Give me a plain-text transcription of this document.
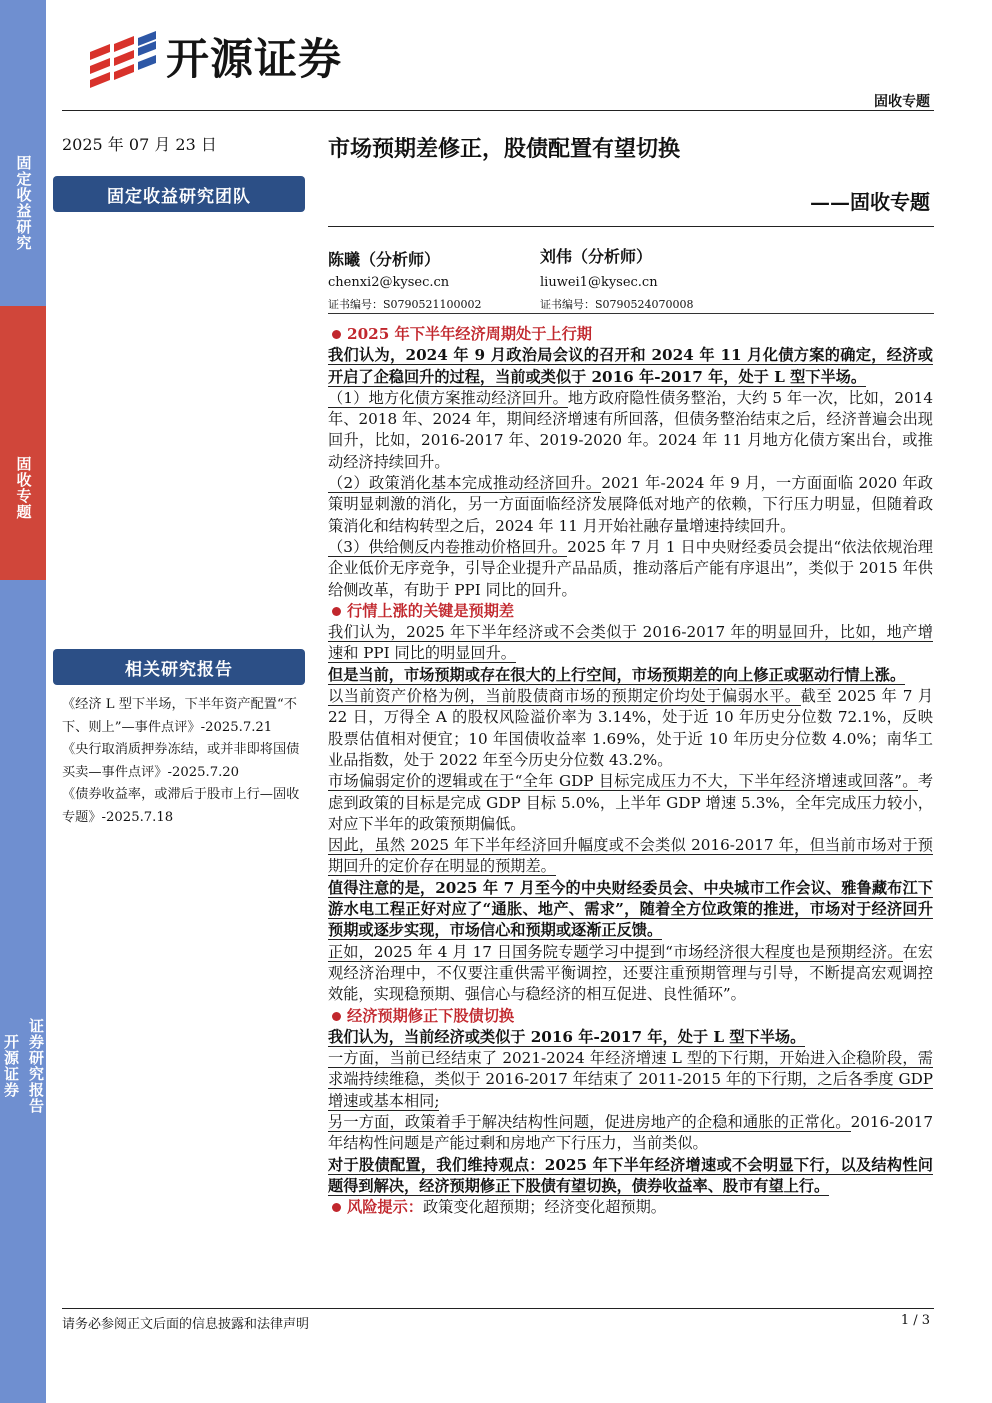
固定收益研究
固收专题
开源证券 证券研究报告
开源证券
固收专题
2025 年 07 月 23 日
固定收益研究团队
市场预期差修正，股债配置有望切换
——固收专题
陈曦（分析师）
chenxi2@kysec.cn
证书编号：S0790521100002
刘伟（分析师）
liuwei1@kysec.cn
证书编号：S0790524070008
相关研究报告

《经济 L 型下半场，下半年资产配置“不下、则上”—事件点评》-2025.7.21

《央行取消质押券冻结，或并非即将国债买卖—事件点评》-2025.7.20

《债券收益率，或滞后于股市上行—固收专题》-2025.7.18

2025 年下半年经济周期处于上行期

我们认为，2024 年 9 月政治局会议的召开和 2024 年 11 月化债方案的确定，经济或开启了企稳回升的过程，当前或类似于 2016 年-2017 年，处于 L 型下半场。

（1）地方化债方案推动经济回升。地方政府隐性债务整治，大约 5 年一次，比如，2014 年、2018 年、2024 年，期间经济增速有所回落，但债务整治结束之后，经济普遍会出现回升，比如，2016-2017 年、2019-2020 年。2024 年 11 月地方化债方案出台，或推动经济持续回升。

（2）政策消化基本完成推动经济回升。2021 年-2024 年 9 月，一方面面临 2020 年政策明显刺激的消化，另一方面面临经济发展降低对地产的依赖，下行压力明显，但随着政策消化和结构转型之后，2024 年 11 月开始社融存量增速持续回升。

（3）供给侧反内卷推动价格回升。2025 年 7 月 1 日中央财经委员会提出“依法依规治理企业低价无序竞争，引导企业提升产品品质，推动落后产能有序退出”，类似于 2015 年供给侧改革，有助于 PPI 同比的回升。

行情上涨的关键是预期差

我们认为，2025 年下半年经济或不会类似于 2016-2017 年的明显回升，比如，地产增速和 PPI 同比的明显回升。

但是当前，市场预期或存在很大的上行空间，市场预期差的向上修正或驱动行情上涨。

以当前资产价格为例，当前股债商市场的预期定价均处于偏弱水平。截至 2025 年 7 月 22 日，万得全 A 的股权风险溢价率为 3.14%，处于近 10 年历史分位数 72.1%，反映股票估值相对便宜；10 年国债收益率 1.69%，处于近 10 年历史分位数 4.0%；南华工业品指数，处于 2022 年至今历史分位数 43.2%。

市场偏弱定价的逻辑或在于“全年 GDP 目标完成压力不大，下半年经济增速或回落”。考虑到政策的目标是完成 GDP 目标 5.0%，上半年 GDP 增速 5.3%，全年完成压力较小，对应下半年的政策预期偏低。

因此，虽然 2025 年下半年经济回升幅度或不会类似 2016-2017 年，但当前市场对于预期回升的定价存在明显的预期差。

值得注意的是，2025 年 7 月至今的中央财经委员会、中央城市工作会议、雅鲁藏布江下游水电工程正好对应了“通胀、地产、需求”，随着全方位政策的推进，市场对于经济回升预期或逐步实现，市场信心和预期或逐渐正反馈。

正如，2025 年 4 月 17 日国务院专题学习中提到“市场经济很大程度也是预期经济。在宏观经济治理中，不仅要注重供需平衡调控，还要注重预期管理与引导，不断提高宏观调控效能，实现稳预期、强信心与稳经济的相互促进、良性循环”。

经济预期修正下股债切换

我们认为，当前经济或类似于 2016 年-2017 年，处于 L 型下半场。

一方面，当前已经结束了 2021-2024 年经济增速 L 型的下行期，开始进入企稳阶段，需求端持续维稳，类似于 2016-2017 年结束了 2011-2015 年的下行期，之后各季度 GDP 增速或基本相同;

另一方面，政策着手于解决结构性问题，促进房地产的企稳和通胀的正常化。2016-2017 年结构性问题是产能过剩和房地产下行压力，当前类似。

对于股债配置，我们维持观点：2025 年下半年经济增速或不会明显下行，以及结构性问题得到解决，经济预期修正下股债有望切换，债券收益率、股市有望上行。

风险提示：政策变化超预期；经济变化超预期。

请务必参阅正文后面的信息披露和法律声明	1 / 3
